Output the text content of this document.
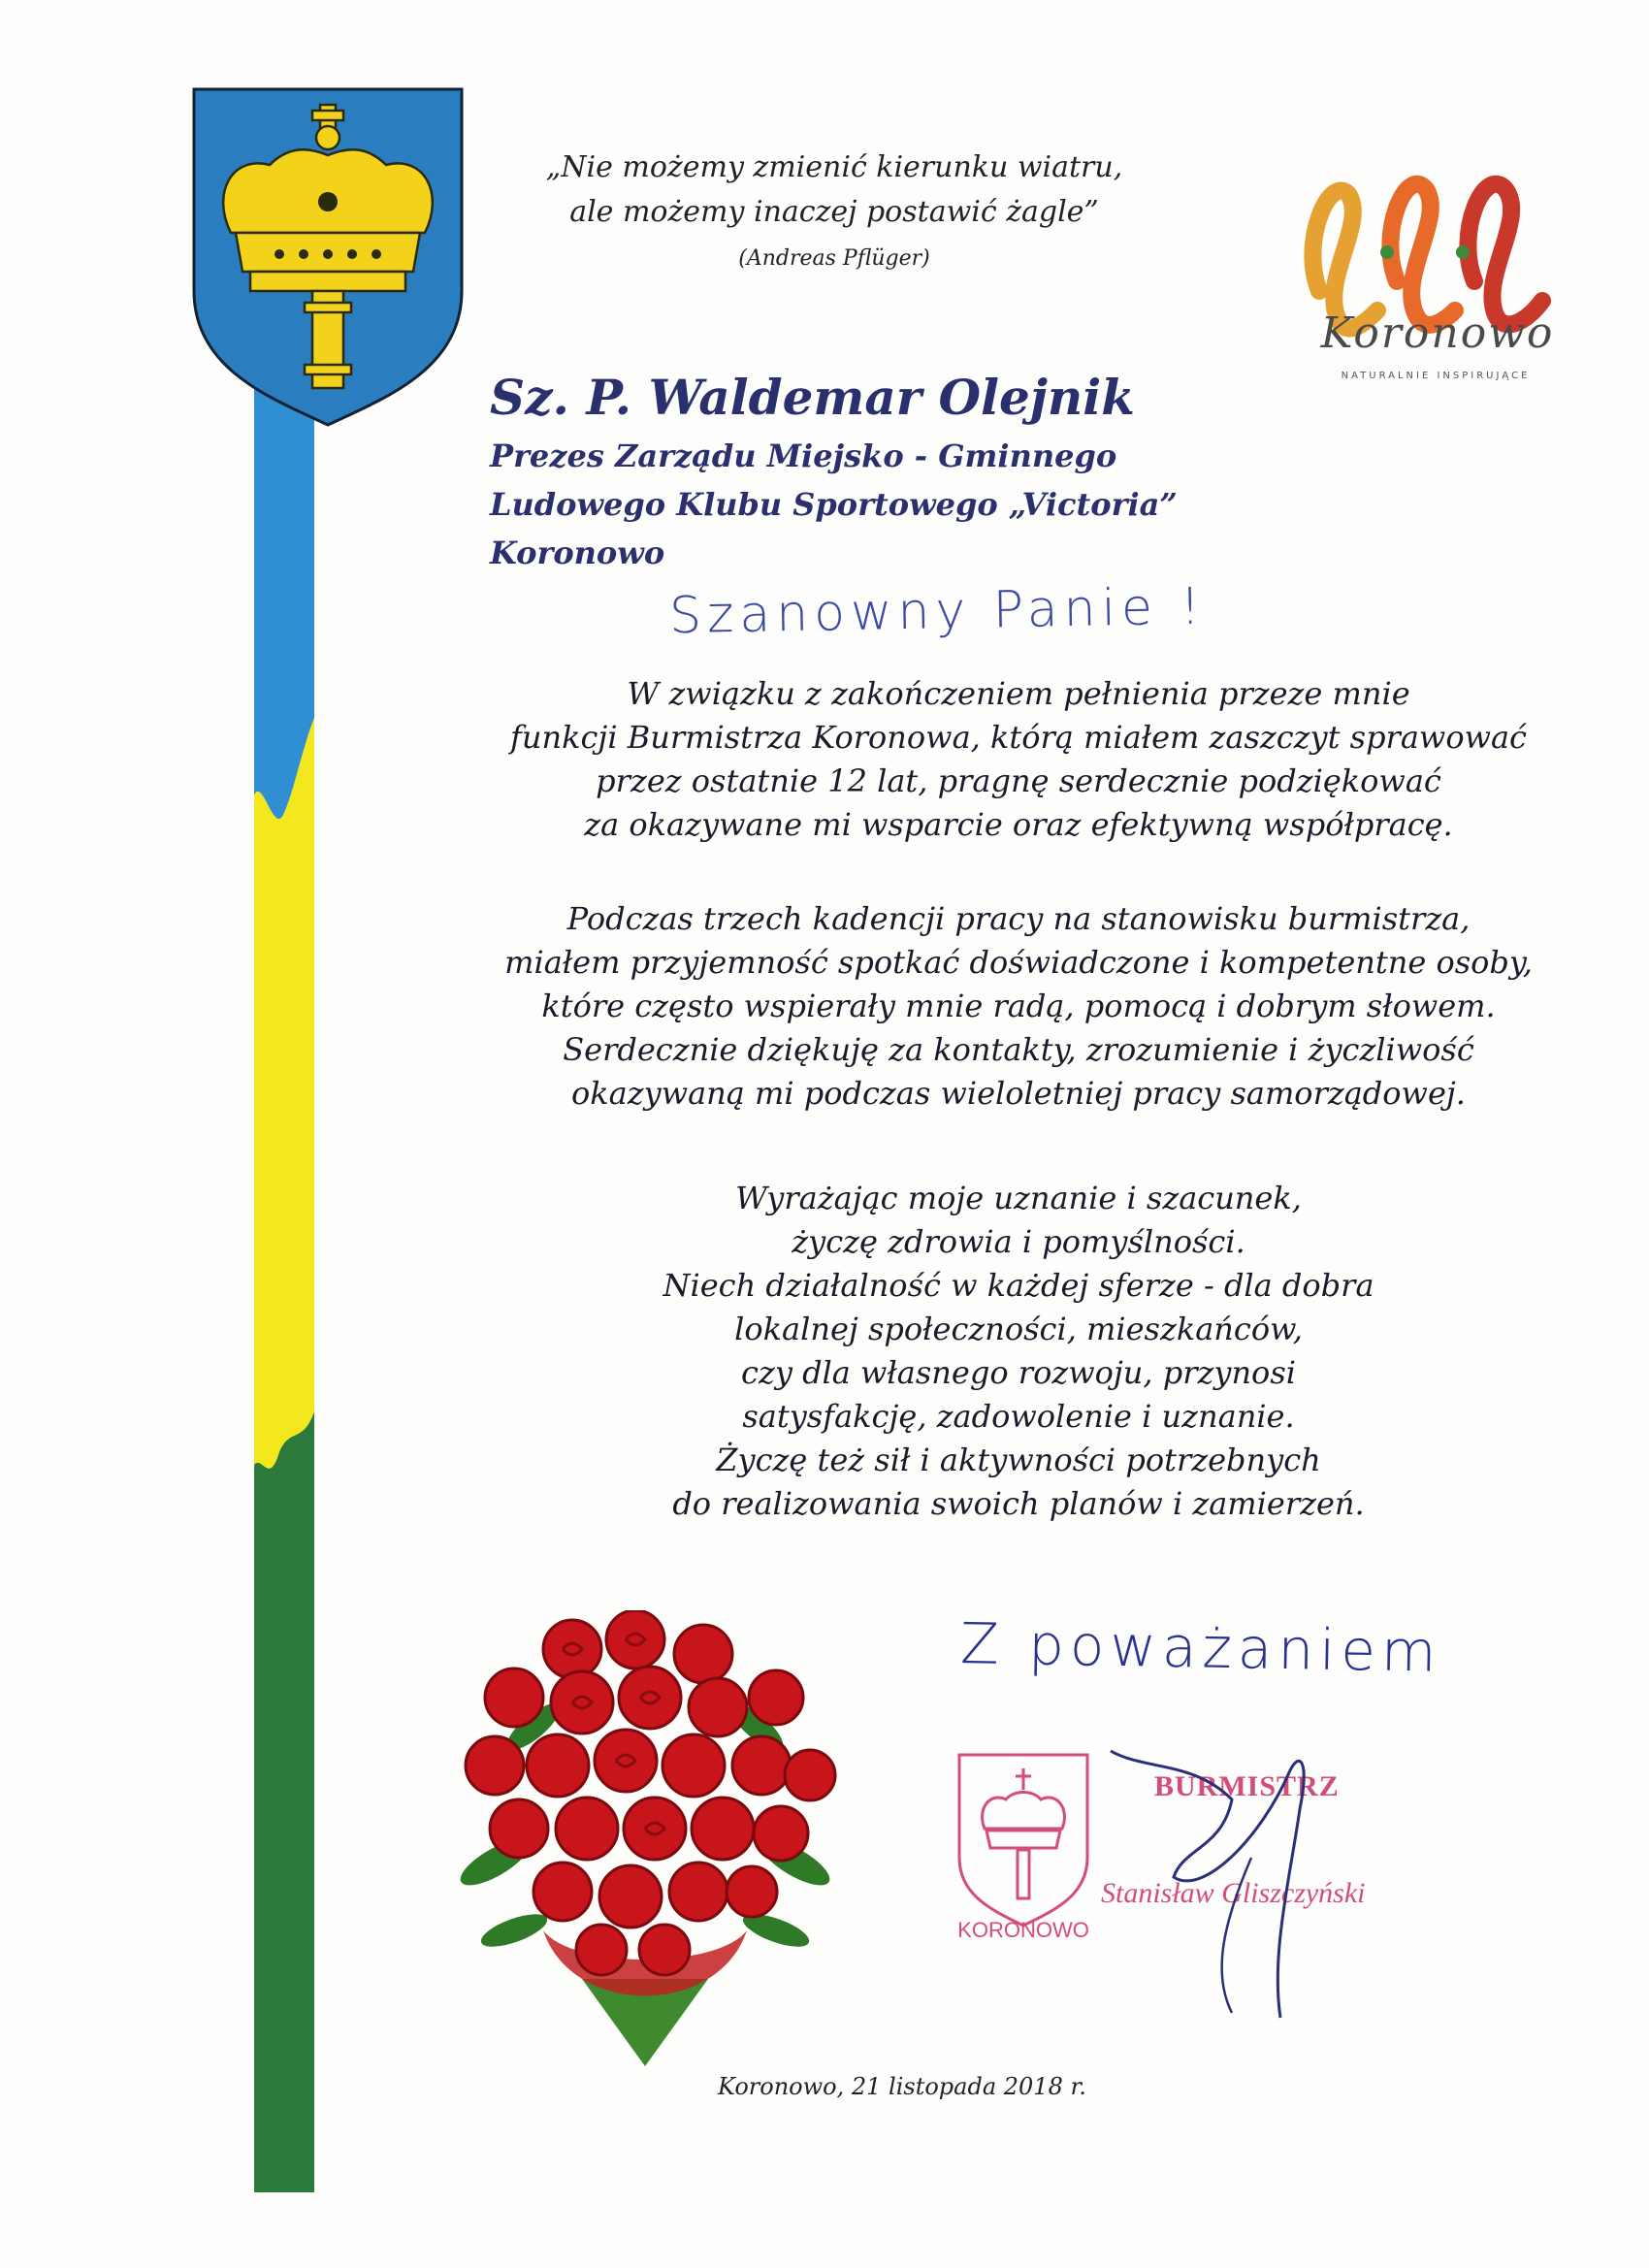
„Nie możemy zmienić kierunku wiatru,
ale możemy inaczej postawić żagle”
(Andreas Pflüger)
Koronowo
NATURALNIE INSPIRUJĄCE
Sz. P. Waldemar Olejnik
Prezes Zarządu Miejsko - Gminnego
Ludowego Klubu Sportowego „Victoria” Koronowo
Szanowny Panie !
W związku z zakończeniem pełnienia przeze mnie
funkcji Burmistrza Koronowa, którą miałem zaszczyt sprawować
przez ostatnie 12 lat, pragnę serdecznie podziękować
za okazywane mi wsparcie oraz efektywną współpracę.
Podczas trzech kadencji pracy na stanowisku burmistrza,
miałem przyjemność spotkać doświadczone i kompetentne osoby,
które często wspierały mnie radą, pomocą i dobrym słowem.
Serdecznie dziękuję za kontakty, zrozumienie i życzliwość
okazywaną mi podczas wieloletniej pracy samorządowej.
Wyrażając moje uznanie i szacunek,
życzę zdrowia i pomyślności.
Niech działalność w każdej sferze - dla dobra
lokalnej społeczności, mieszkańców,
czy dla własnego rozwoju, przynosi
satysfakcję, zadowolenie i uznanie.
Życzę też sił i aktywności potrzebnych
do realizowania swoich planów i zamierzeń.
Z poważaniem
KORONOWO
BURMISTRZ
Stanisław Gliszczyński
Koronowo, 21 listopada 2018 r.
